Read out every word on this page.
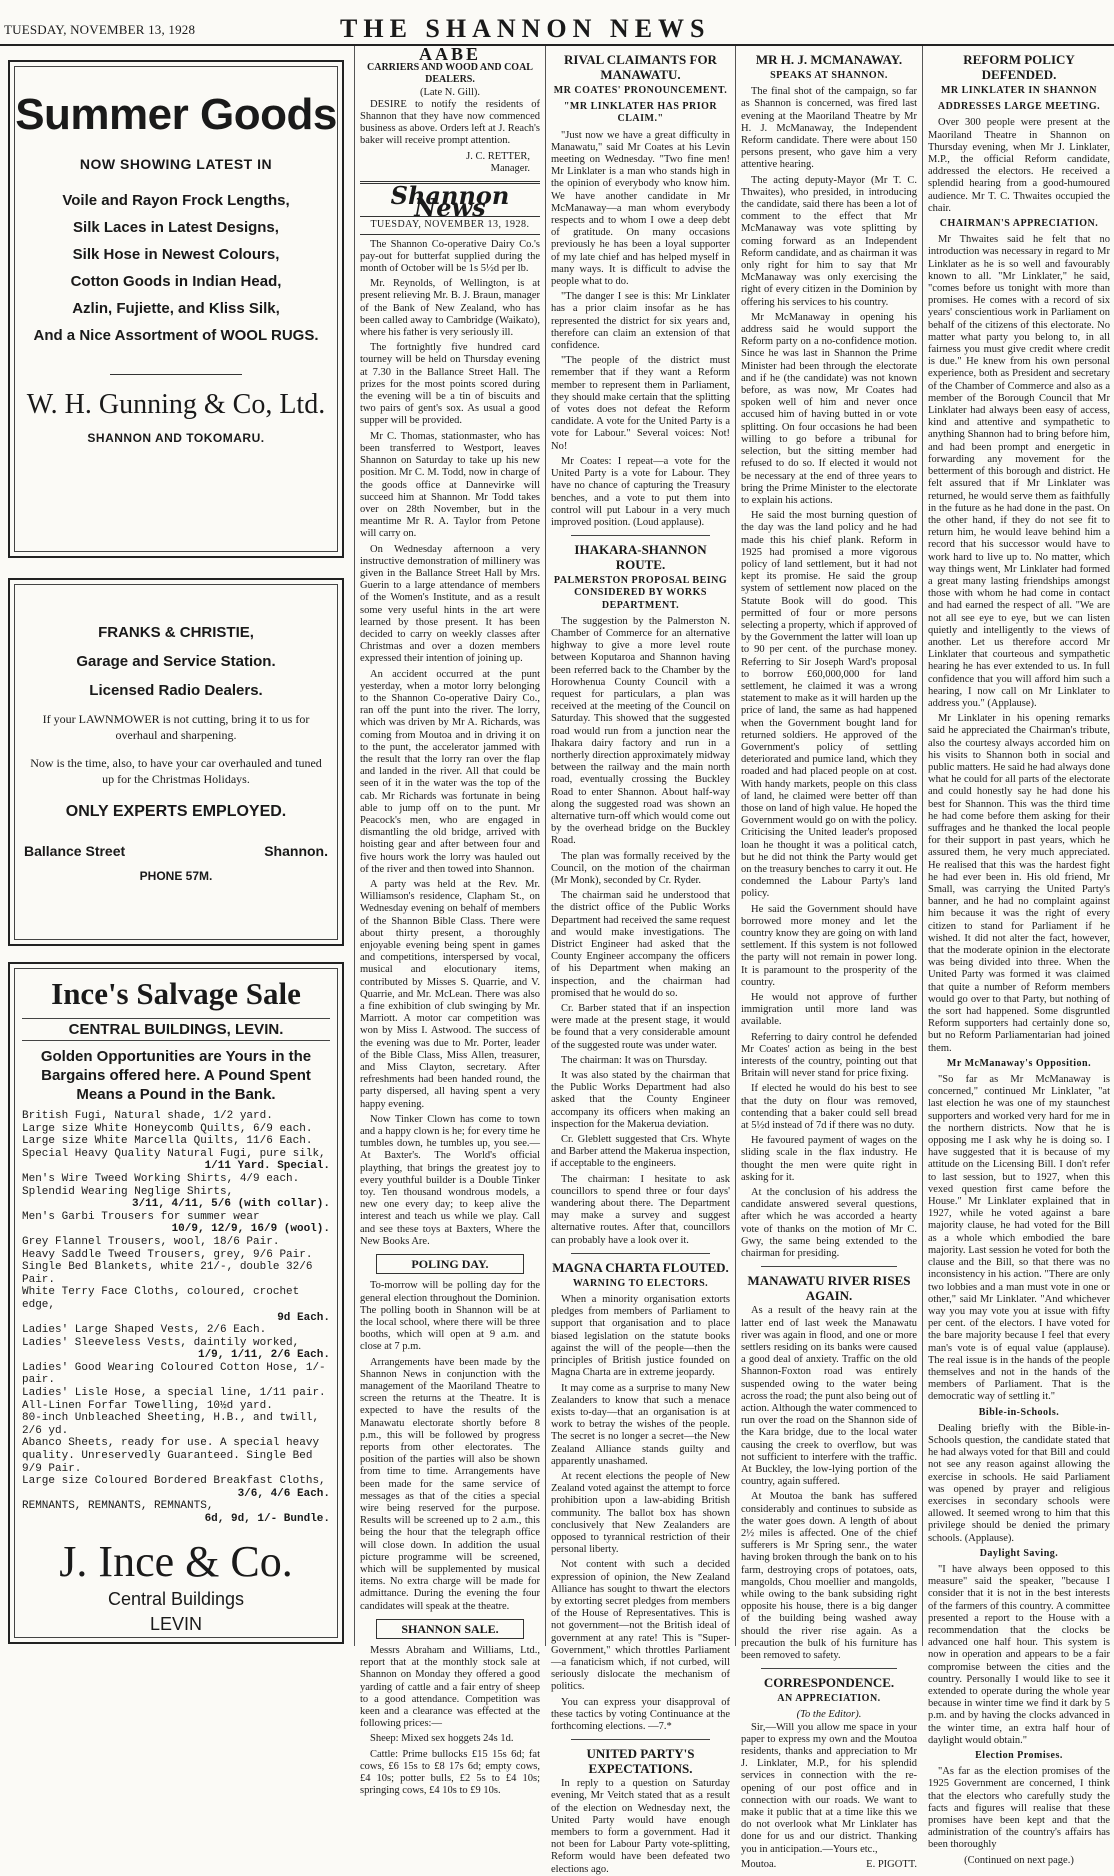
TUESDAY, NOVEMBER 13, 1928	THE SHANNON NEWS
Summer Goods
NOW SHOWING LATEST IN
Voile and Rayon Frock Lengths,
Silk Laces in Latest Designs,
Silk Hose in Newest Colours,
Cotton Goods in Indian Head,
Azlin, Fujiette, and Kliss Silk,
And a Nice Assortment of WOOL RUGS.
W. H. Gunning & Co, Ltd.
SHANNON AND TOKOMARU.
FRANKS & CHRISTIE,
Garage and Service Station.
Licensed Radio Dealers.
If your LAWNMOWER is not cutting, bring it to us for overhaul and sharpening.
Now is the time, also, to have your car overhauled and tuned up for the Christmas Holidays.
ONLY EXPERTS EMPLOYED.
Ballance Street	Shannon.
PHONE 57M.
Ince's Salvage Sale
CENTRAL BUILDINGS, LEVIN.
Golden Opportunities are Yours in the Bargains offered here. A Pound Spent Means a Pound in the Bank.
British Fugi, Natural shade, 1/2 yard.
Large size White Honeycomb Quilts, 6/9 each.
Large size White Marcella Quilts, 11/6 Each.
Special Heavy Quality Natural Fugi, pure silk,
1/11 Yard. Special.
Men's Wire Tweed Working Shirts, 4/9 each.
Splendid Wearing Neglige Shirts,
3/11, 4/11, 5/6 (with collar).
Men's Garbi Trousers for summer wear
10/9, 12/9, 16/9 (wool).
Grey Flannel Trousers, wool, 18/6 Pair.
Heavy Saddle Tweed Trousers, grey, 9/6 Pair.
Single Bed Blankets, white 21/-, double 32/6 Pair.
White Terry Face Cloths, coloured, crochet edge,
9d Each.
Ladies' Large Shaped Vests, 2/6 Each.
Ladies' Sleeveless Vests, daintily worked,
1/9, 1/11, 2/6 Each.
Ladies' Good Wearing Coloured Cotton Hose, 1/- pair.
Ladies' Lisle Hose, a special line, 1/11 pair.
All-Linen Forfar Towelling, 10½d yard.
80-inch Unbleached Sheeting, H.B., and twill, 2/6 yd.
Abanco Sheets, ready for use. A special heavy quality. Unreservedly Guaranteed. Single Bed 9/9 Pair.
Large size Coloured Bordered Breakfast Cloths,
3/6, 4/6 Each.
REMNANTS, REMNANTS, REMNANTS,
6d, 9d, 1/- Bundle.
J. Ince & Co.
Central Buildings
LEVIN
AABE
CARRIERS AND WOOD AND COAL DEALERS.
(Late N. Gill).

DESIRE to notify the residents of Shannon that they have now commenced business as above. Orders left at J. Reach's baker will receive prompt attention.

J. C. RETTER,
Manager.
Shannon News
TUESDAY, NOVEMBER 13, 1928.

The Shannon Co-operative Dairy Co.'s pay-out for butterfat supplied during the month of October will be 1s 5½d per lb.

Mr. Reynolds, of Wellington, is at present relieving Mr. B. J. Braun, manager of the Bank of New Zealand, who has been called away to Cambridge (Waikato), where his father is very seriously ill.

The fortnightly five hundred card tourney will be held on Thursday evening at 7.30 in the Ballance Street Hall. The prizes for the most points scored during the evening will be a tin of biscuits and two pairs of gent's sox. As usual a good supper will be provided.

Mr C. Thomas, stationmaster, who has been transferred to Westport, leaves Shannon on Saturday to take up his new position. Mr C. M. Todd, now in charge of the goods office at Dannevirke will succeed him at Shannon. Mr Todd takes over on 28th November, but in the meantime Mr R. A. Taylor from Petone will carry on.

On Wednesday afternoon a very instructive demonstration of millinery was given in the Ballance Street Hall by Mrs. Guerin to a large attendance of members of the Women's Institute, and as a result some very useful hints in the art were learned by those present. It has been decided to carry on weekly classes after Christmas and over a dozen members expressed their intention of joining up.

An accident occurred at the punt yesterday, when a motor lorry belonging to the Shannon Co-operative Dairy Co., ran off the punt into the river. The lorry, which was driven by Mr A. Richards, was coming from Moutoa and in driving it on to the punt, the accelerator jammed with the result that the lorry ran over the flap and landed in the river. All that could be seen of it in the water was the top of the cab. Mr Richards was fortunate in being able to jump off on to the punt. Mr Peacock's men, who are engaged in dismantling the old bridge, arrived with hoisting gear and after between four and five hours work the lorry was hauled out of the river and then towed into Shannon.

A party was held at the Rev. Mr. Williamson's residence, Clapham St., on Wednesday evening on behalf of members of the Shannon Bible Class. There were about thirty present, a thoroughly enjoyable evening being spent in games and competitions, interspersed by vocal, musical and elocutionary items, contributed by Misses S. Quarrie, and V. Quarrie, and Mr. McLean. There was also a fine exhibition of club swinging by Mr. Marriott. A motor car competition was won by Miss I. Astwood. The success of the evening was due to Mr. Porter, leader of the Bible Class, Miss Allen, treasurer, and Miss Clayton, secretary. After refreshments had been handed round, the party dispersed, all having spent a very happy evening.

Now Tinker Clown has come to town and a happy clown is he; for every time he tumbles down, he tumbles up, you see.—At Baxter's. The World's official plaything, that brings the greatest joy to every youthful builder is a Double Tinker toy. Ten thousand wondrous models, a new one every day; to keep alive the interest and teach us while we play. Call and see these toys at Baxters, Where the New Books Are.

POLING DAY.

To-morrow will be polling day for the general election throughout the Dominion. The polling booth in Shannon will be at the local school, where there will be three booths, which will open at 9 a.m. and close at 7 p.m.

Arrangements have been made by the Shannon News in conjunction with the management of the Maoriland Theatre to screen the returns at the Theatre. It is expected to have the results of the Manawatu electorate shortly before 8 p.m., this will be followed by progress reports from other electorates. The position of the parties will also be shown from time to time. Arrangements have been made for the same service of messages as that of the cities a special wire being reserved for the purpose. Results will be screened up to 2 a.m., this being the hour that the telegraph office will close down. In addition the usual picture programme will be screened, which will be supplemented by musical items. No extra charge will be made for admittance. During the evening the four candidates will speak at the theatre.

SHANNON SALE.

Messrs Abraham and Williams, Ltd., report that at the monthly stock sale at Shannon on Monday they offered a good yarding of cattle and a fair entry of sheep to a good attendance. Competition was keen and a clearance was effected at the following prices:—

Sheep: Mixed sex hoggets 24s 1d.

Cattle: Prime bullocks £15 15s 6d; fat cows, £6 15s to £8 17s 6d; empty cows, £4 10s; potter bulls, £2 5s to £4 10s; springing cows, £4 10s to £9 10s.

RIVAL CLAIMANTS FOR MANAWATU.
MR COATES' PRONOUNCEMENT.
"MR LINKLATER HAS PRIOR CLAIM."

"Just now we have a great difficulty in Manawatu," said Mr Coates at his Levin meeting on Wednesday. "Two fine men! Mr Linklater is a man who stands high in the opinion of everybody who know him. We have another candidate in Mr McManaway—a man whom everybody respects and to whom I owe a deep debt of gratitude. On many occasions previously he has been a loyal supporter of my late chief and has helped myself in many ways. It is difficult to advise the people what to do.

"The danger I see is this: Mr Linklater has a prior claim insofar as he has represented the district for six years and, therefore can claim an extension of that confidence.

"The people of the district must remember that if they want a Reform member to represent them in Parliament, they should make certain that the splitting of votes does not defeat the Reform candidate. A vote for the United Party is a vote for Labour." Several voices: Not! No!

Mr Coates: I repeat—a vote for the United Party is a vote for Labour. They have no chance of capturing the Treasury benches, and a vote to put them into control will put Labour in a very much improved position. (Loud applause).

IHAKARA-SHANNON ROUTE.
PALMERSTON PROPOSAL BEING CONSIDERED BY WORKS DEPARTMENT.

The suggestion by the Palmerston N. Chamber of Commerce for an alternative highway to give a more level route between Koputaroa and Shannon having been referred back to the Chamber by the Horowhenua County Council with a request for particulars, a plan was received at the meeting of the Council on Saturday. This showed that the suggested road would run from a junction near the Ihakara dairy factory and run in a northerly direction approximately midway between the railway and the main north road, eventually crossing the Buckley Road to enter Shannon. About half-way along the suggested road was shown an alternative turn-off which would come out by the overhead bridge on the Buckley Road.

The plan was formally received by the Council, on the motion of the chairman (Mr Monk), seconded by Cr. Ryder.

The chairman said he understood that the district office of the Public Works Department had received the same request and would make investigations. The District Engineer had asked that the County Engineer accompany the officers of his Department when making an inspection, and the chairman had promised that he would do so.

Cr. Barber stated that if an inspection were made at the present stage, it would be found that a very considerable amount of the suggested route was under water.

The chairman: It was on Thursday.

It was also stated by the chairman that the Public Works Department had also asked that the County Engineer accompany its officers when making an inspection for the Makerua deviation.

Cr. Gleblett suggested that Crs. Whyte and Barber attend the Makerua inspection, if acceptable to the engineers.

The chairman: I hesitate to ask councillors to spend three or four days' wandering about there. The Department may make a survey and suggest alternative routes. After that, councillors can probably have a look over it.

MAGNA CHARTA FLOUTED.
WARNING TO ELECTORS.

When a minority organisation extorts pledges from members of Parliament to support that organisation and to place biased legislation on the statute books against the will of the people—then the principles of British justice founded on Magna Charta are in extreme jeopardy.

It may come as a surprise to many New Zealanders to know that such a menace exists to-day—that an organisation is at work to betray the wishes of the people. The secret is no longer a secret—the New Zealand Alliance stands guilty and apparently unashamed.

At recent elections the people of New Zealand voted against the attempt to force prohibition upon a law-abiding British community. The ballot box has shown conclusively that New Zealanders are opposed to tyrannical restriction of their personal liberty.

Not content with such a decided expression of opinion, the New Zealand Alliance has sought to thwart the electors by extorting secret pledges from members of the House of Representatives. This is not government—not the British ideal of government at any rate! This is "Super-Government," which throttles Parliament—a fanaticism which, if not curbed, will seriously dislocate the mechanism of politics.

You can express your disapproval of these tactics by voting Continuance at the forthcoming elections. —7.*

UNITED PARTY'S EXPECTATIONS.

In reply to a question on Saturday evening, Mr Veitch stated that as a result of the election on Wednesday next, the United Party would have enough members to form a government. Had it not been for Labour Party vote-splitting, Reform would have been defeated two elections ago.

MR H. J. MCMANAWAY.
SPEAKS AT SHANNON.

The final shot of the campaign, so far as Shannon is concerned, was fired last evening at the Maoriland Theatre by Mr H. J. McManaway, the Independent Reform candidate. There were about 150 persons present, who gave him a very attentive hearing.

The acting deputy-Mayor (Mr T. C. Thwaites), who presided, in introducing the candidate, said there has been a lot of comment to the effect that Mr McManaway was vote splitting by coming forward as an Independent Reform candidate, and as chairman it was only right for him to say that Mr McManaway was only exercising the right of every citizen in the Dominion by offering his services to his country.

Mr McManaway in opening his address said he would support the Reform party on a no-confidence motion. Since he was last in Shannon the Prime Minister had been through the electorate and if he (the candidate) was not known before, as was now, Mr Coates had spoken well of him and never once accused him of having butted in or vote splitting. On four occasions he had been willing to go before a tribunal for selection, but the sitting member had refused to do so. If elected it would not be necessary at the end of three years to bring the Prime Minister to the electorate to explain his actions.

He said the most burning question of the day was the land policy and he had made this his chief plank. Reform in 1925 had promised a more vigorous policy of land settlement, but it had not kept its promise. He said the group system of settlement now placed on the Statute Book will do good. This permitted of four or more persons selecting a property, which if approved of by the Government the latter will loan up to 90 per cent. of the purchase money. Referring to Sir Joseph Ward's proposal to borrow £60,000,000 for land settlement, he claimed it was a wrong statement to make as it will harden up the price of land, the same as had happened when the Government bought land for returned soldiers. He approved of the Government's policy of settling deteriorated and pumice land, which they roaded and had placed people on at cost. With handy markets, people on this class of land, he claimed were better off than those on land of high value. He hoped the Government would go on with the policy. Criticising the United leader's proposed loan he thought it was a political catch, but he did not think the Party would get on the treasury benches to carry it out. He condemned the Labour Party's land policy.

He said the Government should have borrowed more money and let the country know they are going on with land settlement. If this system is not followed the party will not remain in power long. It is paramount to the prosperity of the country.

He would not approve of further immigration until more land was available.

Referring to dairy control he defended Mr Coates' action as being in the best interests of the country, pointing out that Britain will never stand for price fixing.

If elected he would do his best to see that the duty on flour was removed, contending that a baker could sell bread at 5½d instead of 7d if there was no duty.

He favoured payment of wages on the sliding scale in the flax industry. He thought the men were quite right in asking for it.

At the conclusion of his address the candidate answered several questions, after which he was accorded a hearty vote of thanks on the motion of Mr C. Gwy, the same being extended to the chairman for presiding.

MANAWATU RIVER RISES AGAIN.

As a result of the heavy rain at the latter end of last week the Manawatu river was again in flood, and one or more settlers residing on its banks were caused a good deal of anxiety. Traffic on the old Shannon-Foxton road was entirely suspended owing to the water being across the road; the punt also being out of action. Although the water commenced to run over the road on the Shannon side of the Kara bridge, due to the local water causing the creek to overflow, but was not sufficient to interfere with the traffic. At Buckley, the low-lying portion of the country, again suffered.

At Moutoa the bank has suffered considerably and continues to subside as the water goes down. A length of about 2½ miles is affected. One of the chief sufferers is Mr Spring senr., the water having broken through the bank on to his farm, destroying crops of potatoes, oats, mangolds, Chou moellier and mangolds, while owing to the bank subsiding right opposite his house, there is a big danger of the building being washed away should the river rise again. As a precaution the bulk of his furniture has been removed to safety.

CORRESPONDENCE.
AN APPRECIATION.
(To the Editor).

Sir,—Will you allow me space in your paper to express my own and the Moutoa residents, thanks and appreciation to Mr J. Linklater, M.P., for his splendid services in connection with the re-opening of our post office and in connection with our roads. We want to make it public that at a time like this we do not overlook what Mr Linklater has done for us and our district. Thanking you in anticipation.—Yours etc.,

Moutoa.	E. PIGOTT.
REFORM POLICY DEFENDED.
MR LINKLATER IN SHANNON
ADDRESSES LARGE MEETING.

Over 300 people were present at the Maoriland Theatre in Shannon on Thursday evening, when Mr J. Linklater, M.P., the official Reform candidate, addressed the electors. He received a splendid hearing from a good-humoured audience. Mr T. C. Thwaites occupied the chair.

CHAIRMAN'S APPRECIATION.

Mr Thwaites said he felt that no introduction was necessary in regard to Mr Linklater as he is so well and favourably known to all. "Mr Linklater," he said, "comes before us tonight with more than promises. He comes with a record of six years' conscientious work in Parliament on behalf of the citizens of this electorate. No matter what party you belong to, in all fairness you must give credit where credit is due." He knew from his own personal experience, both as President and secretary of the Chamber of Commerce and also as a member of the Borough Council that Mr Linklater had always been easy of access, kind and attentive and sympathetic to anything Shannon had to bring before him, and had been prompt and energetic in forwarding any movement for the betterment of this borough and district. He felt assured that if Mr Linklater was returned, he would serve them as faithfully in the future as he had done in the past. On the other hand, if they do not see fit to return him, he would leave behind him a record that his successor would have to work hard to live up to. No matter, which way things went, Mr Linklater had formed a great many lasting friendships amongst those with whom he had come in contact and had earned the respect of all. "We are not all see eye to eye, but we can listen quietly and intelligently to the views of another. Let us therefore accord Mr Linklater that courteous and sympathetic hearing he has ever extended to us. In full confidence that you will afford him such a hearing, I now call on Mr Linklater to address you." (Applause).

Mr Linklater in his opening remarks said he appreciated the Chairman's tribute, also the courtesy always accorded him on his visits to Shannon both in social and public matters. He said he had always done what he could for all parts of the electorate and could honestly say he had done his best for Shannon. This was the third time he had come before them asking for their suffrages and he thanked the local people for their support in past years, which he assured them, he very much appreciated. He realised that this was the hardest fight he had ever been in. His old friend, Mr Small, was carrying the United Party's banner, and he had no complaint against him because it was the right of every citizen to stand for Parliament if he wished. It did not alter the fact, however, that the moderate opinion in the electorate was being divided into three. When the United Party was formed it was claimed that quite a number of Reform members would go over to that Party, but nothing of the sort had happened. Some disgruntled Reform supporters had certainly done so, but no Reform Parliamentarian had joined them.

Mr McManaway's Opposition.

"So far as Mr McManaway is concerned," continued Mr Linklater, "at last election he was one of my staunchest supporters and worked very hard for me in the northern districts. Now that he is opposing me I ask why he is doing so. I have suggested that it is because of my attitude on the Licensing Bill. I don't refer to last session, but to 1927, when this vexed question first came before the House." Mr Linklater explained that in 1927, while he voted against a bare majority clause, he had voted for the Bill as a whole which embodied the bare majority. Last session he voted for both the clause and the Bill, so that there was no inconsistency in his action. "There are only two lobbies and a man must vote in one or other," said Mr Linklater. "And whichever way you may vote you at issue with fifty per cent. of the electors. I have voted for the bare majority because I feel that every man's vote is of equal value (applause). The real issue is in the hands of the people themselves and not in the hands of the members of Parliament. That is the democratic way of settling it."

Bible-in-Schools.

Dealing briefly with the Bible-in-Schools question, the candidate stated that he had always voted for that Bill and could not see any reason against allowing the exercise in schools. He said Parliament was opened by prayer and religious exercises in secondary schools were allowed. It seemed wrong to him that this privilege should be denied the primary schools. (Applause).

Daylight Saving.

"I have always been opposed to this measure" said the speaker, "because I consider that it is not in the best interests of the farmers of this country. A committee presented a report to the House with a recommendation that the clocks be advanced one half hour. This system is now in operation and appears to be a fair compromise between the cities and the country. Personally I would like to see it extended to operate during the whole year because in winter time we find it dark by 5 p.m. and by having the clocks advanced in the winter time, an extra half hour of daylight would obtain."

Election Promises.

"As far as the election promises of the 1925 Government are concerned, I think that the electors who carefully study the facts and figures will realise that these promises have been kept and that the administration of the country's affairs has been thoroughly

(Continued on next page.)
